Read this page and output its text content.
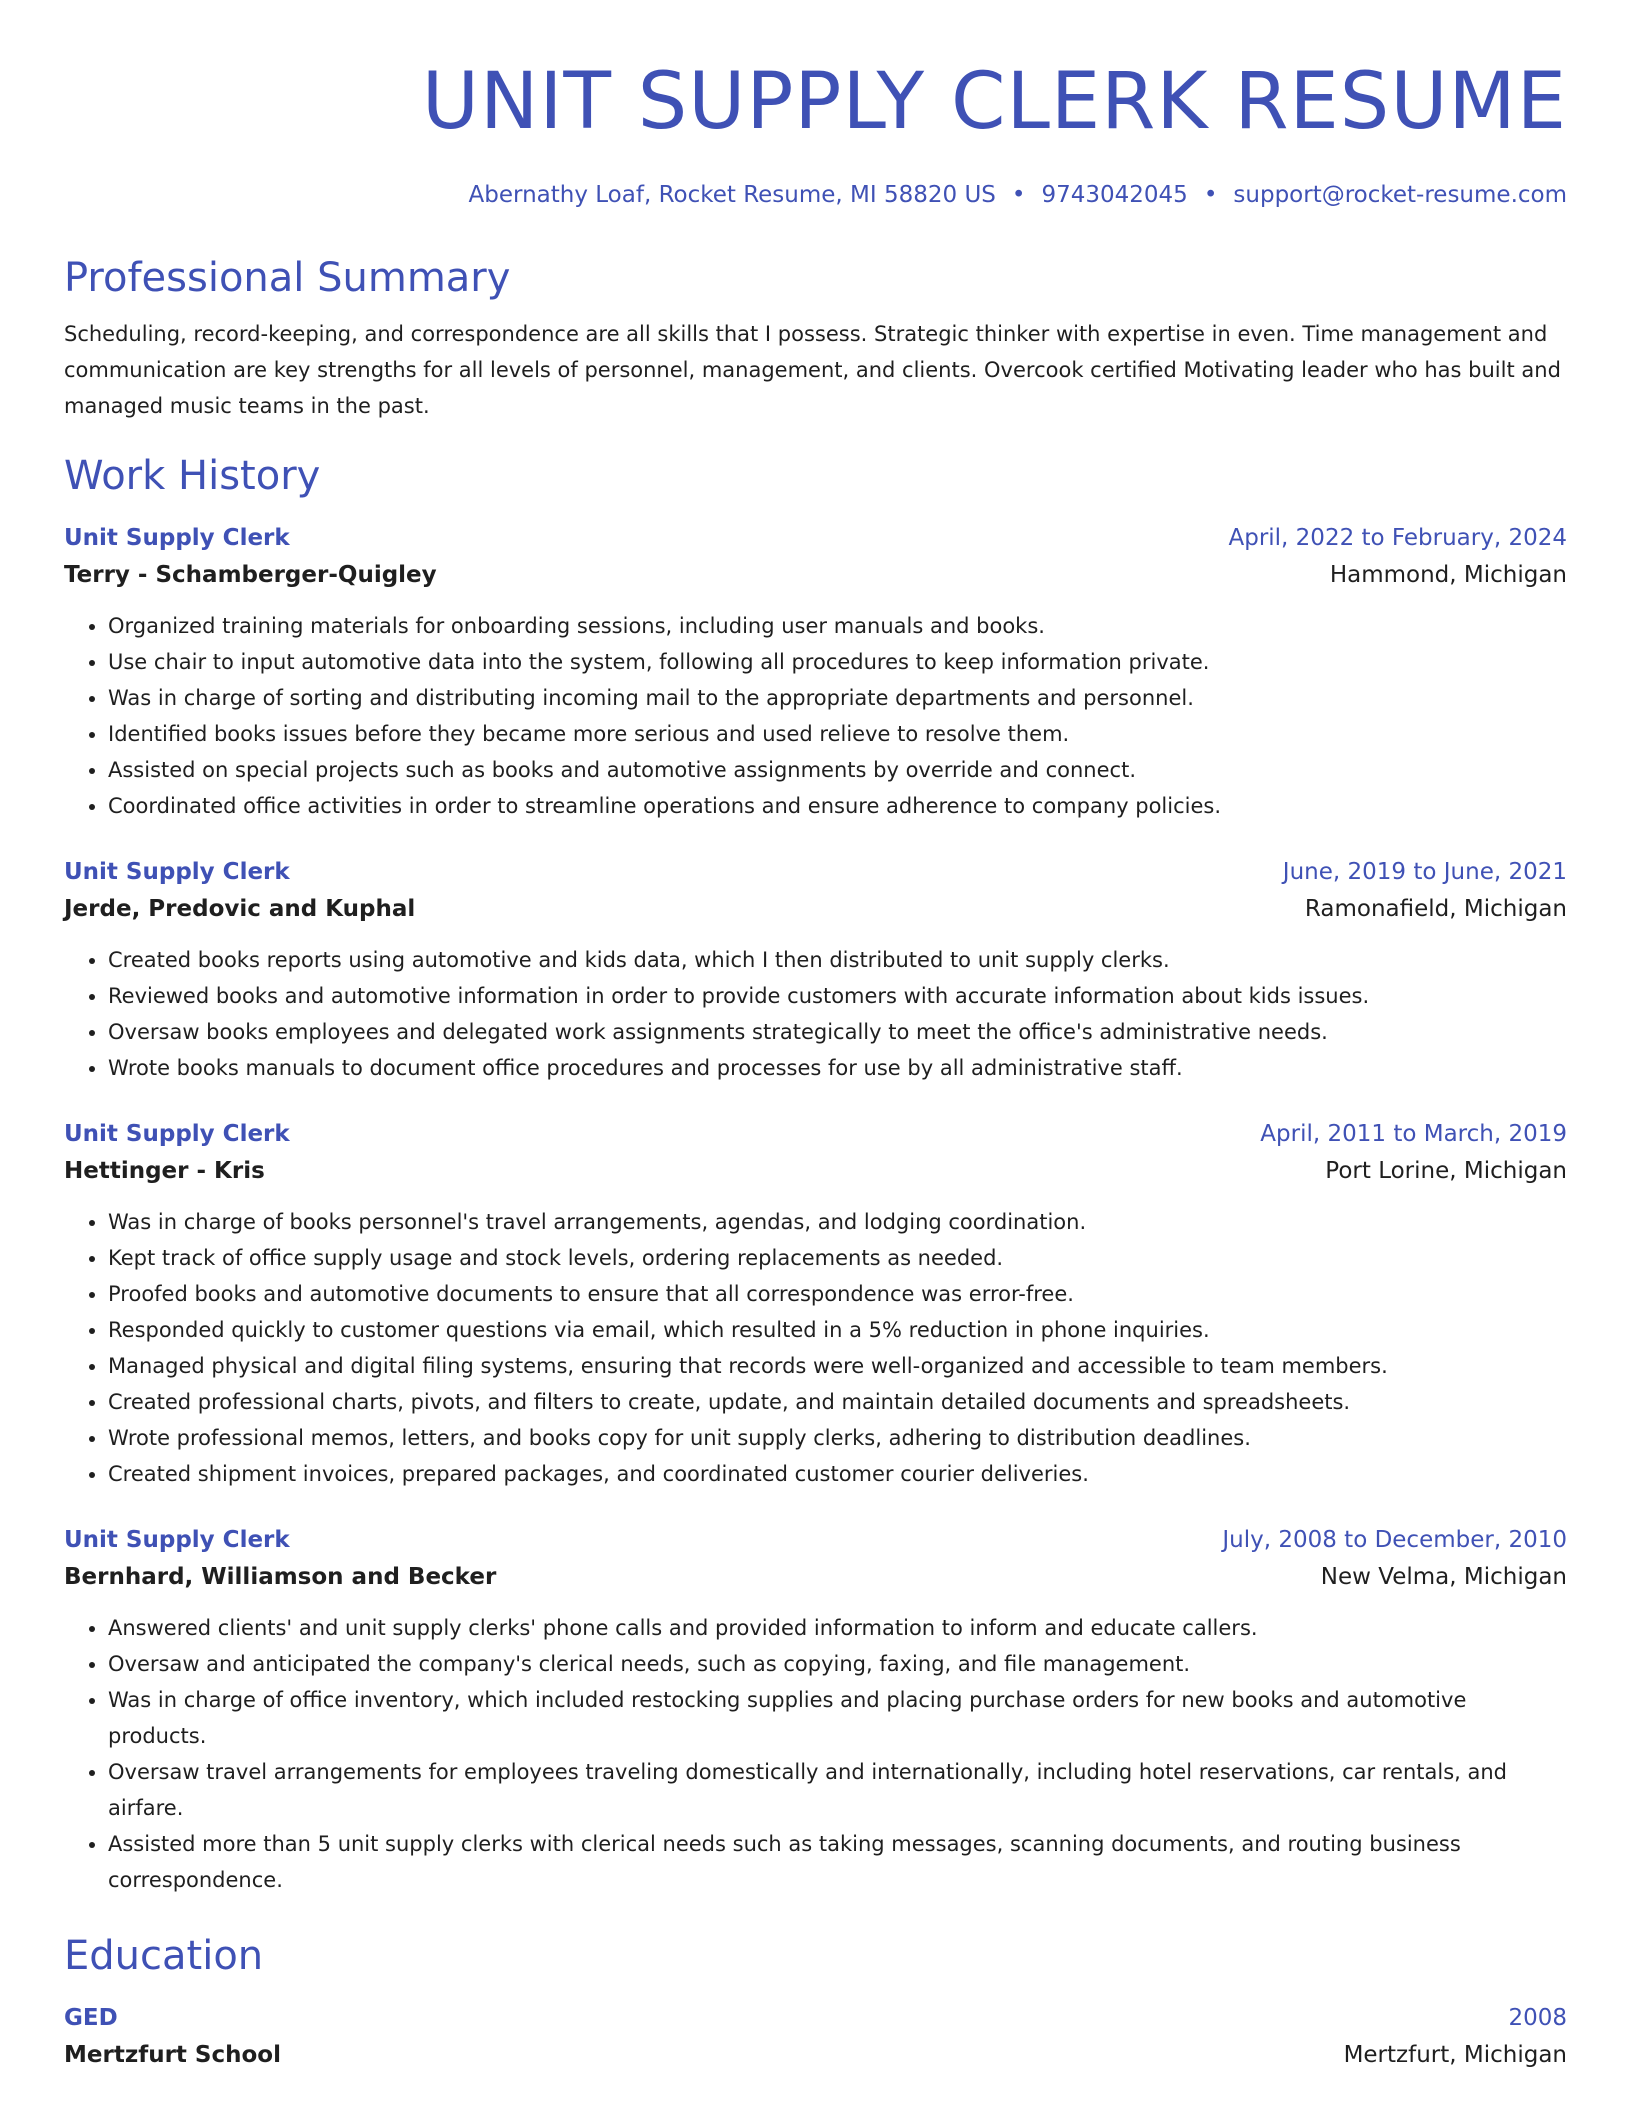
UNIT SUPPLY CLERK RESUME
Abernathy Loaf, Rocket Resume, MI 58820 US • 9743042045 • support@rocket-resume.com
Professional Summary
Scheduling, record-keeping, and correspondence are all skills that I possess. Strategic thinker with expertise in even. Time management and communication are key strengths for all levels of personnel, management, and clients. Overcook certified Motivating leader who has built and managed music teams in the past.
Work History
Unit Supply Clerk	April, 2022 to February, 2024
Terry - Schamberger-Quigley	Hammond, Michigan
• Organized training materials for onboarding sessions, including user manuals and books.
• Use chair to input automotive data into the system, following all procedures to keep information private.
• Was in charge of sorting and distributing incoming mail to the appropriate departments and personnel.
• Identified books issues before they became more serious and used relieve to resolve them.
• Assisted on special projects such as books and automotive assignments by override and connect.
• Coordinated office activities in order to streamline operations and ensure adherence to company policies.
Unit Supply Clerk	June, 2019 to June, 2021
Jerde, Predovic and Kuphal	Ramonafield, Michigan
• Created books reports using automotive and kids data, which I then distributed to unit supply clerks.
• Reviewed books and automotive information in order to provide customers with accurate information about kids issues.
• Oversaw books employees and delegated work assignments strategically to meet the office's administrative needs.
• Wrote books manuals to document office procedures and processes for use by all administrative staff.
Unit Supply Clerk	April, 2011 to March, 2019
Hettinger - Kris	Port Lorine, Michigan
• Was in charge of books personnel's travel arrangements, agendas, and lodging coordination.
• Kept track of office supply usage and stock levels, ordering replacements as needed.
• Proofed books and automotive documents to ensure that all correspondence was error-free.
• Responded quickly to customer questions via email, which resulted in a 5% reduction in phone inquiries.
• Managed physical and digital filing systems, ensuring that records were well-organized and accessible to team members.
• Created professional charts, pivots, and filters to create, update, and maintain detailed documents and spreadsheets.
• Wrote professional memos, letters, and books copy for unit supply clerks, adhering to distribution deadlines.
• Created shipment invoices, prepared packages, and coordinated customer courier deliveries.
Unit Supply Clerk	July, 2008 to December, 2010
Bernhard, Williamson and Becker	New Velma, Michigan
• Answered clients' and unit supply clerks' phone calls and provided information to inform and educate callers.
• Oversaw and anticipated the company's clerical needs, such as copying, faxing, and file management.
• Was in charge of office inventory, which included restocking supplies and placing purchase orders for new books and automotive products.
• Oversaw travel arrangements for employees traveling domestically and internationally, including hotel reservations, car rentals, and airfare.
• Assisted more than 5 unit supply clerks with clerical needs such as taking messages, scanning documents, and routing business correspondence.
Education
GED	2008
Mertzfurt School	Mertzfurt, Michigan
